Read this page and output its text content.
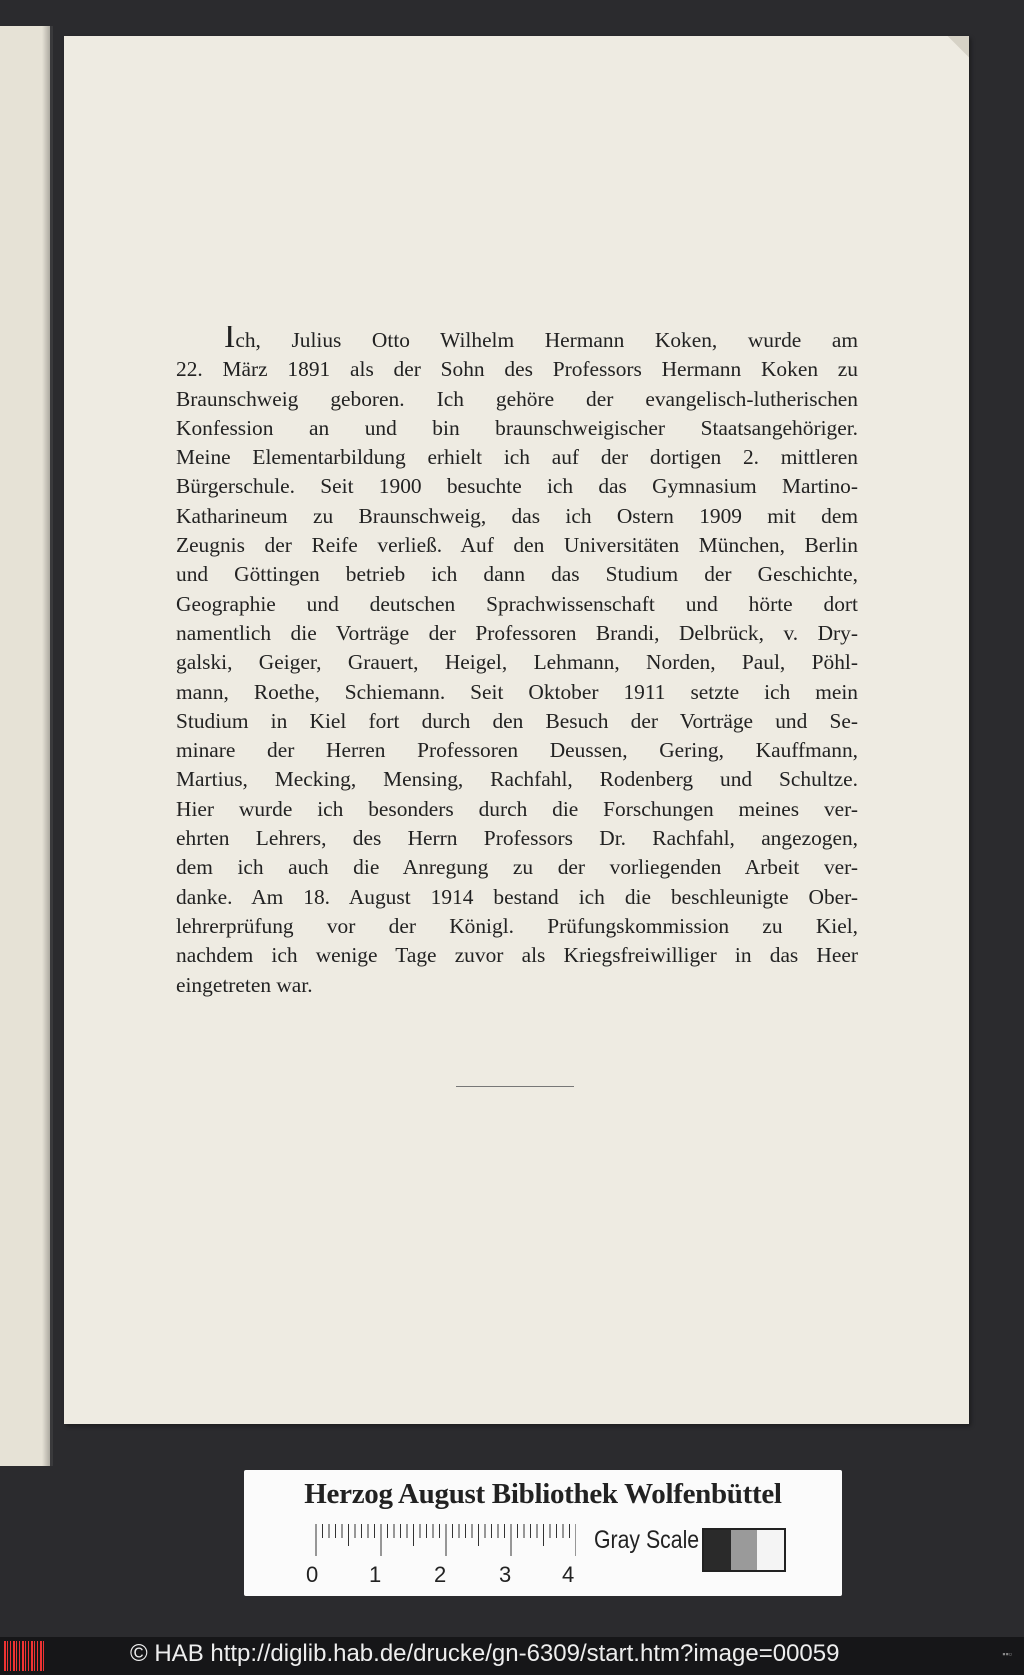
Ich, Julius Otto Wilhelm Hermann Koken, wurde am
22. März 1891 als der Sohn des Professors Hermann Koken zu
Braunschweig geboren. Ich gehöre der evangelisch-lutherischen
Konfession an und bin braunschweigischer Staatsangehöriger.
Meine Elementarbildung erhielt ich auf der dortigen 2. mittleren
Bürgerschule. Seit 1900 besuchte ich das Gymnasium Martino-
Katharineum zu Braunschweig, das ich Ostern 1909 mit dem
Zeugnis der Reife verließ. Auf den Universitäten München, Berlin
und Göttingen betrieb ich dann das Studium der Geschichte,
Geographie und deutschen Sprachwissenschaft und hörte dort
namentlich die Vorträge der Professoren Brandi, Delbrück, v. Dry-
galski, Geiger, Grauert, Heigel, Lehmann, Norden, Paul, Pöhl-
mann, Roethe, Schiemann. Seit Oktober 1911 setzte ich mein
Studium in Kiel fort durch den Besuch der Vorträge und Se-
minare der Herren Professoren Deussen, Gering, Kauffmann,
Martius, Mecking, Mensing, Rachfahl, Rodenberg und Schultze.
Hier wurde ich besonders durch die Forschungen meines ver-
ehrten Lehrers, des Herrn Professors Dr. Rachfahl, angezogen,
dem ich auch die Anregung zu der vorliegenden Arbeit ver-
danke. Am 18. August 1914 bestand ich die beschleunigte Ober-
lehrerprüfung vor der Königl. Prüfungskommission zu Kiel,
nachdem ich wenige Tage zuvor als Kriegsfreiwilliger in das Heer
eingetreten war.
Herzog August Bibliothek Wolfenbüttel
0 1 2 3 4
Gray Scale
© HAB http://diglib.hab.de/drucke/gn-6309/start.htm?image=00059	▪▪▫
